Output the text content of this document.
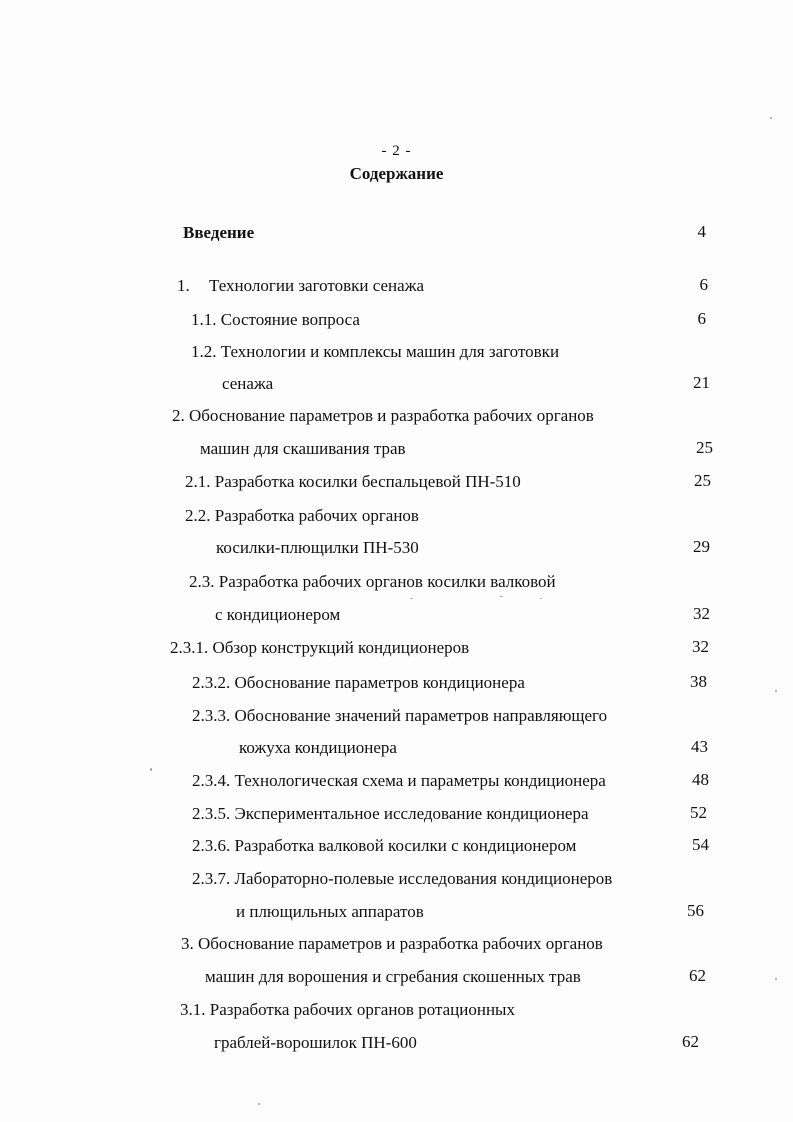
- 2 -
Содержание
Введение	4
1. Технологии заготовки сенажа	6
1.1. Состояние вопроса	6
1.2. Технологии и комплексы машин для заготовки
сенажа	21
2. Обоснование параметров и разработка рабочих органов
машин для скашивания трав	25
2.1. Разработка косилки беспальцевой ПН-510	25
2.2. Разработка рабочих органов
косилки-плющилки ПН-530	29
2.3. Разработка рабочих органов косилки валковой
с кондиционером	32
2.3.1. Обзор конструкций кондиционеров	32
2.3.2. Обоснование параметров кондиционера	38
2.3.3. Обоснование значений параметров направляющего
кожуха кондиционера	43
2.3.4. Технологическая схема и параметры кондиционера	48
2.3.5. Экспериментальное исследование кондиционера	52
2.3.6. Разработка валковой косилки с кондиционером	54
2.3.7. Лабораторно-полевые исследования кондиционеров
и плющильных аппаратов	56
3. Обоснование параметров и разработка рабочих органов
машин для ворошения и сгребания скошенных трав	62
3.1. Разработка рабочих органов ротационных
граблей-ворошилок ПН-600	62
